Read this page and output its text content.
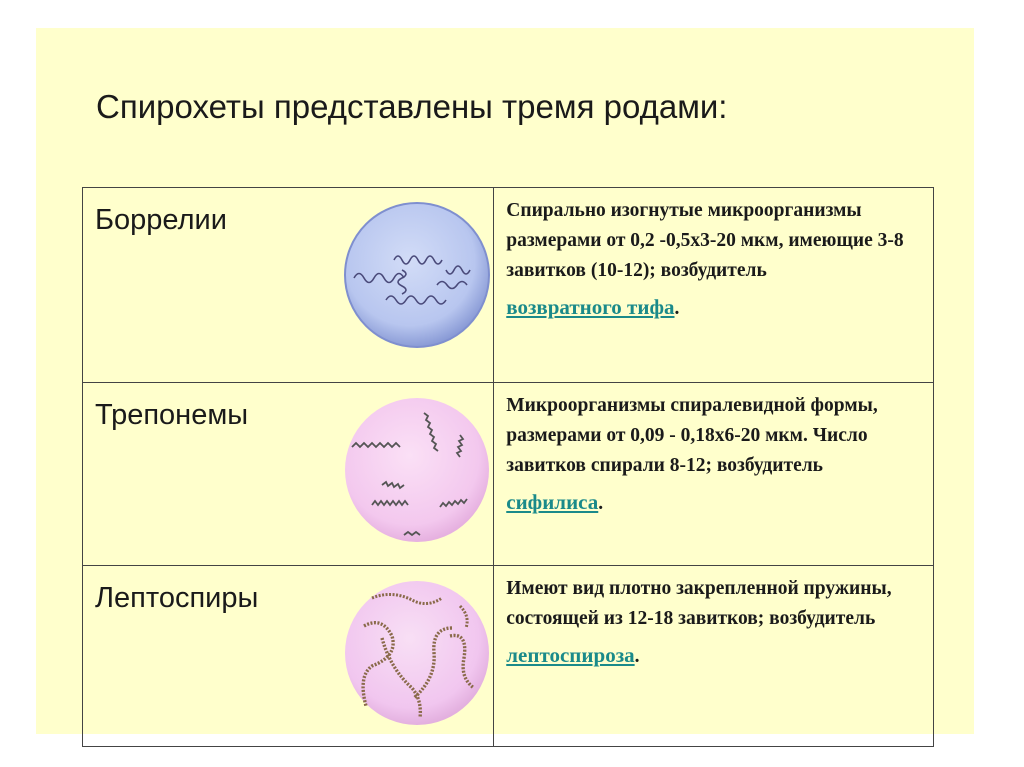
Спирохеты представлены тремя родами:
Боррелии	Спирально изогнутые микроорганизмы размерами от 0,2 -0,5х3-20 мкм, имеющие 3-8 завитков (10-12); возбудитель
возвратного тифа.

Трепонемы	Микроорганизмы спиралевидной формы, размерами от 0,09 - 0,18х6-20 мкм. Число завитков спирали 8-12; возбудитель
сифилиса.

Лептоспиры	Имеют вид плотно закрепленной пружины, состоящей из 12-18 завитков; возбудитель
лептоспироза.
